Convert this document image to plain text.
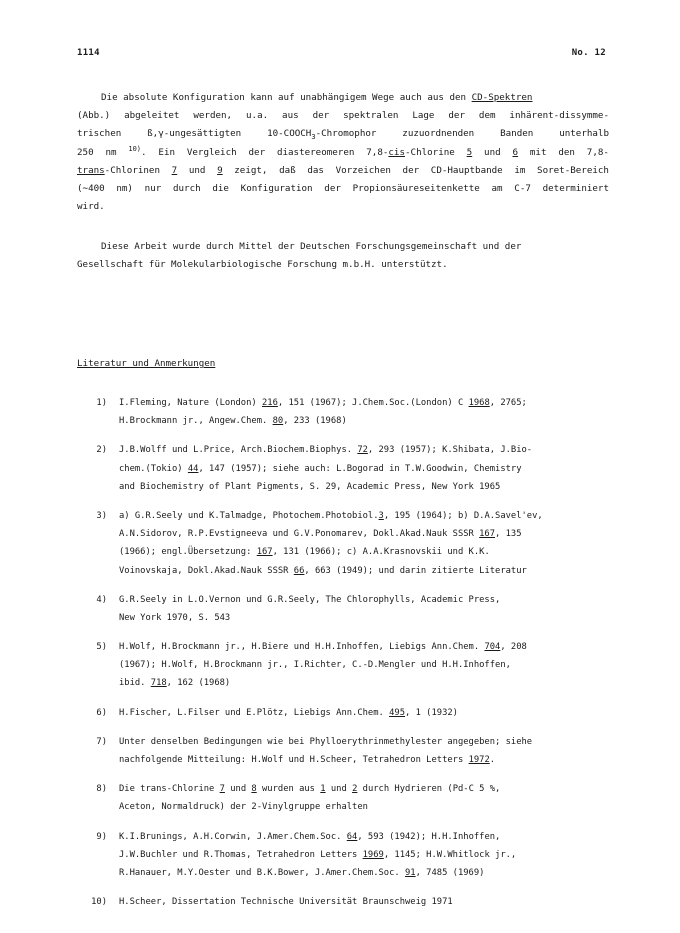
1114	No. 12
Die absolute Konfiguration kann auf unabhängigem Wege auch aus den CD-Spektren
(Abb.) abgeleitet werden, u.a. aus der spektralen Lage der dem inhärent-dissymme-
trischen ß,γ-ungesättigten $10-COOCH_3$-Chromophor zuzuordnenden Banden unterhalb
250 nm $^{10)}$. Ein Vergleich der diastereomeren 7,8-cis-Chlorine 5 und 6 mit den 7,8-
trans-Chlorinen 7 und 9 zeigt, daß das Vorzeichen der CD-Hauptbande im Soret-Bereich
(∼400 nm) nur durch die Konfiguration der Propionsäureseitenkette am C-7 determiniert
wird.
Diese Arbeit wurde durch Mittel der Deutschen Forschungsgemeinschaft und der
Gesellschaft für Molekularbiologische Forschung m.b.H. unterstützt.
Literatur und Anmerkungen
1)	I.Fleming, Nature (London) 216, 151 (1967); J.Chem.Soc.(London) C 1968, 2765;
H.Brockmann jr., Angew.Chem. 80, 233 (1968)
2)	J.B.Wolff und L.Price, Arch.Biochem.Biophys. 72, 293 (1957); K.Shibata, J.Bio-
chem.(Tokio) 44, 147 (1957); siehe auch: L.Bogorad in T.W.Goodwin, Chemistry
and Biochemistry of Plant Pigments, S. 29, Academic Press, New York 1965
3)	a) G.R.Seely und K.Talmadge, Photochem.Photobiol.3, 195 (1964); b) D.A.Savel'ev,
A.N.Sidorov, R.P.Evstigneeva und G.V.Ponomarev, Dokl.Akad.Nauk SSSR 167, 135
(1966); engl.Übersetzung: 167, 131 (1966); c) A.A.Krasnovskii und K.K.
Voinovskaja, Dokl.Akad.Nauk SSSR 66, 663 (1949); und darin zitierte Literatur
4)	G.R.Seely in L.O.Vernon und G.R.Seely, The Chlorophylls, Academic Press,
New York 1970, S. 543
5)	H.Wolf, H.Brockmann jr., H.Biere und H.H.Inhoffen, Liebigs Ann.Chem. 704, 208
(1967); H.Wolf, H.Brockmann jr., I.Richter, C.-D.Mengler und H.H.Inhoffen,
ibid. 718, 162 (1968)
6)	H.Fischer, L.Filser und E.Plötz, Liebigs Ann.Chem. 495, 1 (1932)
7)	Unter denselben Bedingungen wie bei Phylloerythrinmethylester angegeben; siehe
nachfolgende Mitteilung: H.Wolf und H.Scheer, Tetrahedron Letters 1972.
8)	Die trans-Chlorine 7 und 8 wurden aus 1 und 2 durch Hydrieren (Pd-C 5 %,
Aceton, Normaldruck) der 2-Vinylgruppe erhalten
9)	K.I.Brunings, A.H.Corwin, J.Amer.Chem.Soc. 64, 593 (1942); H.H.Inhoffen,
J.W.Buchler und R.Thomas, Tetrahedron Letters 1969, 1145; H.W.Whitlock jr.,
R.Hanauer, M.Y.Oester und B.K.Bower, J.Amer.Chem.Soc. 91, 7485 (1969)
10)	H.Scheer, Dissertation Technische Universität Braunschweig 1971
